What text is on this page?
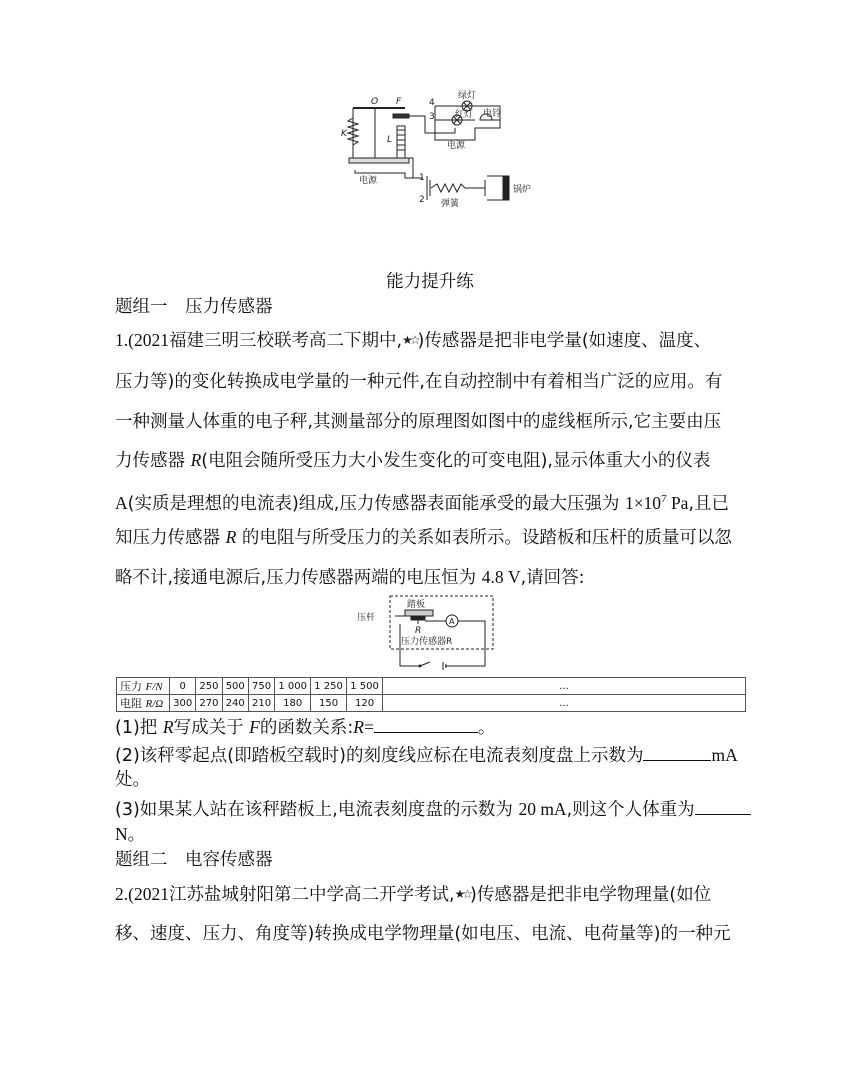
O F
K
L
4
3
1
2
绿灯
红灯 电铃
电源
电源
弹簧
锅炉
能力提升练
题组一　压力传感器
1.(2021福建三明三校联考高二下期中,★☆)传感器是把非电学量(如速度、温度、
压力等)的变化转换成电学量的一种元件,在自动控制中有着相当广泛的应用。有
一种测量人体重的电子秤,其测量部分的原理图如图中的虚线框所示,它主要由压
力传感器 R(电阻会随所受压力大小发生变化的可变电阻),显示体重大小的仪表
A(实质是理想的电流表)组成,压力传感器表面能承受的最大压强为 $1\times 10^7$ Pa,且已
知压力传感器 R 的电阻与所受压力的关系如表所示。设踏板和压杆的质量可以忽
略不计,接通电源后,压力传感器两端的电压恒为 4.8 V,请回答:
压杆
踏板
R
A
压力传感器R
压力 F/N	0	250	500	750	1 000	1 250	1 500	...
电阻 R/Ω	300	270	240	210	180	150	120	...
(1)把 R写成关于 F的函数关系:R=	。
(2)该秤零起点(即踏板空载时)的刻度线应标在电流表刻度盘上示数为	mA
处。
(3)如果某人站在该秤踏板上,电流表刻度盘的示数为 20 mA,则这个人体重为
N。
题组二　电容传感器
2.(2021江苏盐城射阳第二中学高二开学考试,★☆)传感器是把非电学物理量(如位
移、速度、压力、角度等)转换成电学物理量(如电压、电流、电荷量等)的一种元
